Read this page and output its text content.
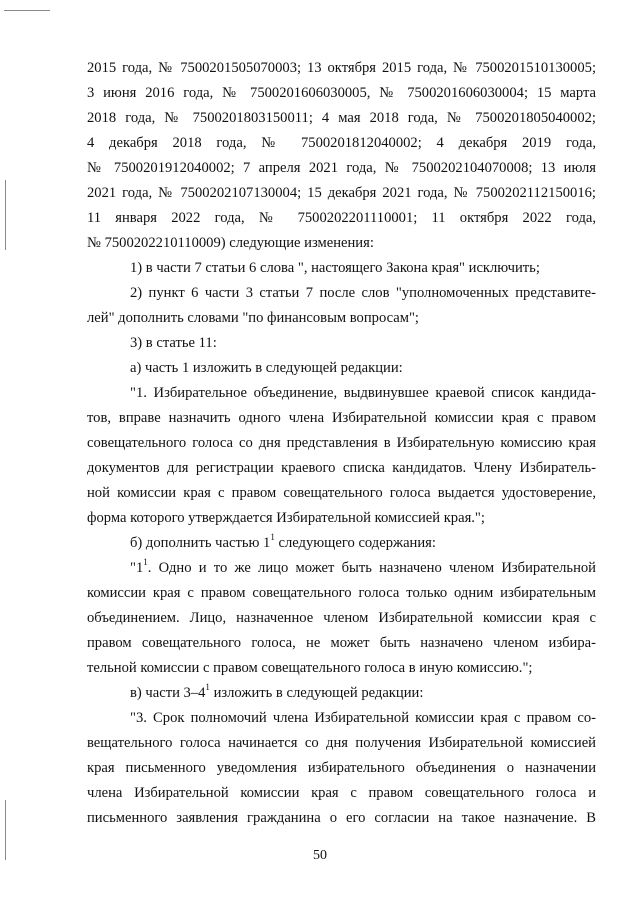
2015 года, № 7500201505070003; 13 октября 2015 года, № 7500201510130005;
3 июня 2016 года, № 7500201606030005, № 7500201606030004; 15 марта
2018 года, № 7500201803150011; 4 мая 2018 года, № 7500201805040002;
4 декабря 2018 года, № 7500201812040002; 4 декабря 2019 года,
№ 7500201912040002; 7 апреля 2021 года, № 7500202104070008; 13 июля
2021 года, № 7500202107130004; 15 декабря 2021 года, № 7500202112150016;
11 января 2022 года, № 7500202201110001; 11 октября 2022 года,
№ 7500202210110009) следующие изменения:
1) в части 7 статьи 6 слова ", настоящего Закона края" исключить;
2) пункт 6 части 3 статьи 7 после слов "уполномоченных представите-
лей" дополнить словами "по финансовым вопросам";
3) в статье 11:
а) часть 1 изложить в следующей редакции:
"1. Избирательное объединение, выдвинувшее краевой список кандида-
тов, вправе назначить одного члена Избирательной комиссии края с правом
совещательного голоса со дня представления в Избирательную комиссию края
документов для регистрации краевого списка кандидатов. Члену Избиратель-
ной комиссии края с правом совещательного голоса выдается удостоверение,
форма которого утверждается Избирательной комиссией края.";
б) дополнить частью $1^1$ следующего содержания:
"$1^1$. Одно и то же лицо может быть назначено членом Избирательной
комиссии края с правом совещательного голоса только одним избирательным
объединением. Лицо, назначенное членом Избирательной комиссии края с
правом совещательного голоса, не может быть назначено членом избира-
тельной комиссии с правом совещательного голоса в иную комиссию.";
в) части $3-4^1$ изложить в следующей редакции:
"3. Срок полномочий члена Избирательной комиссии края с правом со-
вещательного голоса начинается со дня получения Избирательной комиссией
края письменного уведомления избирательного объединения о назначении
члена Избирательной комиссии края с правом совещательного голоса и
письменного заявления гражданина о его согласии на такое назначение. В
50
